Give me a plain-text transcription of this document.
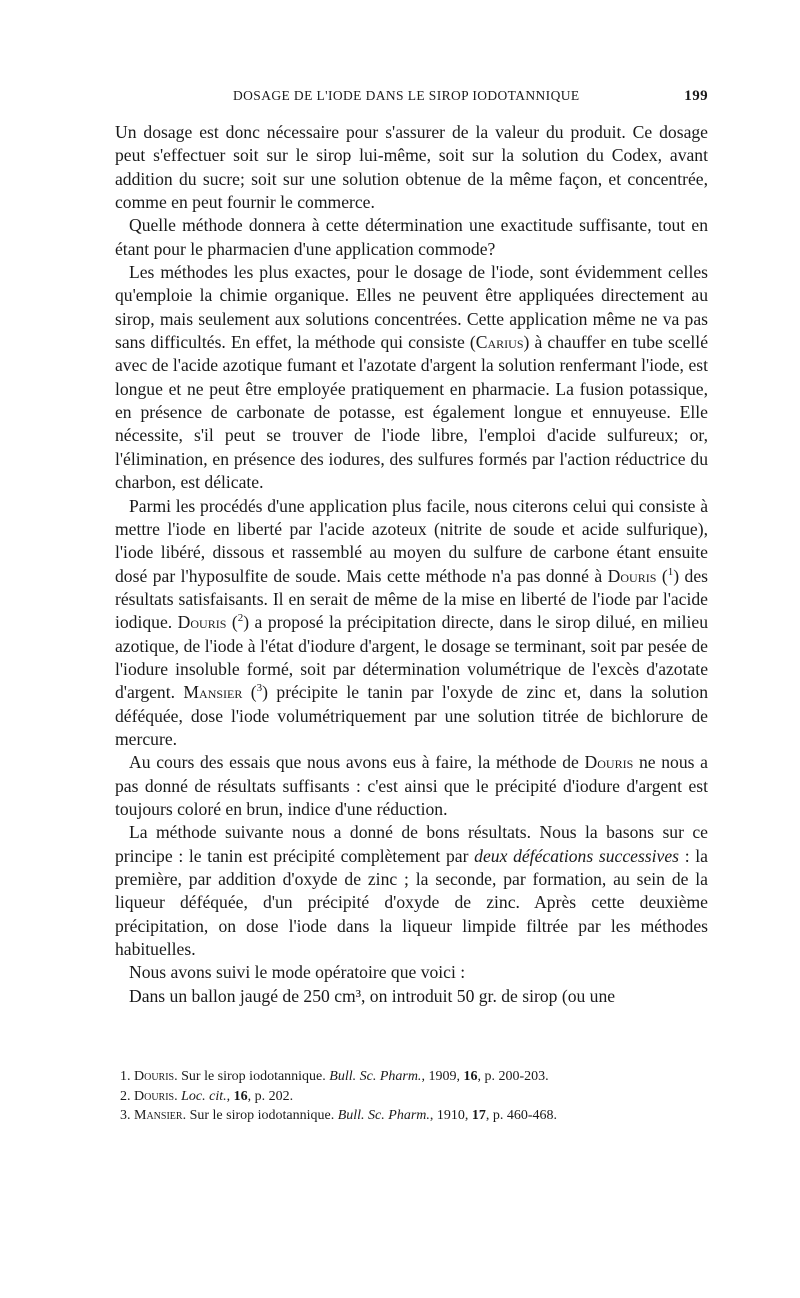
DOSAGE DE L'IODE DANS LE SIROP IODOTANNIQUE	199

Un dosage est donc nécessaire pour s'assurer de la valeur du produit. Ce dosage peut s'effectuer soit sur le sirop lui-même, soit sur la solution du Codex, avant addition du sucre; soit sur une solution obtenue de la même façon, et concentrée, comme en peut fournir le commerce.

Quelle méthode donnera à cette détermination une exactitude suffisante, tout en étant pour le pharmacien d'une application commode?

Les méthodes les plus exactes, pour le dosage de l'iode, sont évidemment celles qu'emploie la chimie organique. Elles ne peuvent être appliquées directement au sirop, mais seulement aux solutions concentrées. Cette application même ne va pas sans difficultés. En effet, la méthode qui consiste (Carius) à chauffer en tube scellé avec de l'acide azotique fumant et l'azotate d'argent la solution renfermant l'iode, est longue et ne peut être employée pratiquement en pharmacie. La fusion potassique, en présence de carbonate de potasse, est également longue et ennuyeuse. Elle nécessite, s'il peut se trouver de l'iode libre, l'emploi d'acide sulfureux; or, l'élimination, en présence des iodures, des sulfures formés par l'action réductrice du charbon, est délicate.

Parmi les procédés d'une application plus facile, nous citerons celui qui consiste à mettre l'iode en liberté par l'acide azoteux (nitrite de soude et acide sulfurique), l'iode libéré, dissous et rassemblé au moyen du sulfure de carbone étant ensuite dosé par l'hyposulfite de soude. Mais cette méthode n'a pas donné à Douris ($^1$) des résultats satisfaisants. Il en serait de même de la mise en liberté de l'iode par l'acide iodique. Douris ($^2$) a proposé la précipitation directe, dans le sirop dilué, en milieu azotique, de l'iode à l'état d'iodure d'argent, le dosage se terminant, soit par pesée de l'iodure insoluble formé, soit par détermination volumétrique de l'excès d'azotate d'argent. Mansier ($^3$) précipite le tanin par l'oxyde de zinc et, dans la solution déféquée, dose l'iode volumétriquement par une solution titrée de bichlorure de mercure.

Au cours des essais que nous avons eus à faire, la méthode de Douris ne nous a pas donné de résultats suffisants : c'est ainsi que le précipité d'iodure d'argent est toujours coloré en brun, indice d'une réduction.

La méthode suivante nous a donné de bons résultats. Nous la basons sur ce principe : le tanin est précipité complètement par deux défécations successives : la première, par addition d'oxyde de zinc ; la seconde, par formation, au sein de la liqueur déféquée, d'un précipité d'oxyde de zinc. Après cette deuxième précipitation, on dose l'iode dans la liqueur limpide filtrée par les méthodes habituelles.

Nous avons suivi le mode opératoire que voici :

Dans un ballon jaugé de 250 cm³, on introduit 50 gr. de sirop (ou une

1. Douris. Sur le sirop iodotannique. Bull. Sc. Pharm., 1909, 16, p. 200-203.
2. Douris. Loc. cit., 16, p. 202.
3. Mansier. Sur le sirop iodotannique. Bull. Sc. Pharm., 1910, 17, p. 460-468.
